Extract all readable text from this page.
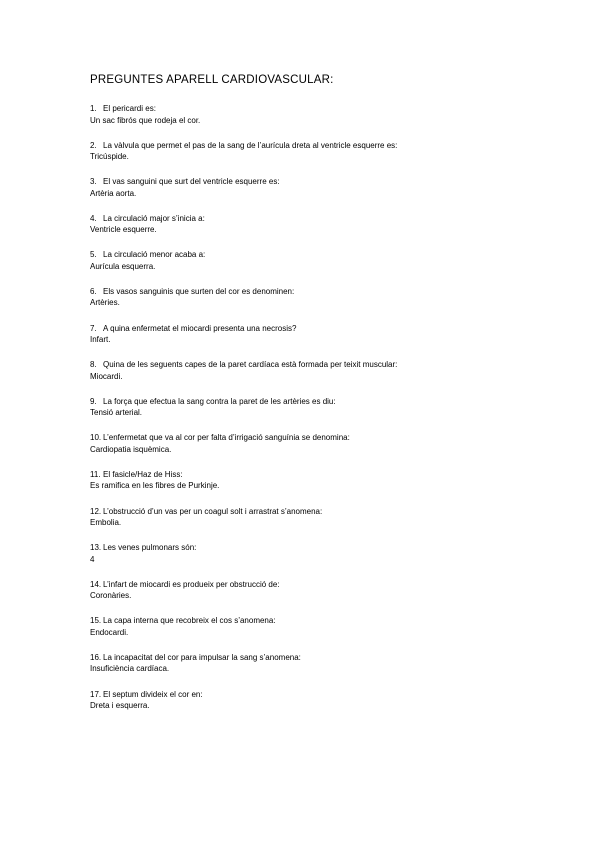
PREGUNTES APARELL CARDIOVASCULAR:
1. El pericardi es:
Un sac fibrós que rodeja el cor.
2. La vàlvula que permet el pas de la sang de l’aurícula dreta al ventricle esquerre es:
Tricúspide.
3. El vas sanguini que surt del ventricle esquerre es:
Artèria aorta.
4. La circulació major s’inicia a:
Ventricle esquerre.
5. La circulació menor acaba a:
Aurícula esquerra.
6. Els vasos sanguinis que surten del cor es denominen:
Artèries.
7. A quina enfermetat el miocardi presenta una necrosis?
Infart.
8. Quina de les seguents capes de la paret cardíaca està formada per teixit muscular:
Miocardi.
9. La força que efectua la sang contra la paret de les artèries es diu:
Tensió arterial.
10. L’enfermetat que va al cor per falta d’irrigació sanguínia se denomina:
Cardiopatia isquèmica.
11. El fasicle/Haz de Hiss:
Es ramifica en les fibres de Purkinje.
12. L’obstrucció d’un vas per un coagul solt i arrastrat s’anomena:
Embolia.
13. Les venes pulmonars són:
4
14. L’infart de miocardi es produeix per obstrucció de:
Coronàries.
15. La capa interna que recobreix el cos s’anomena:
Endocardi.
16. La incapacitat del cor para impulsar la sang s’anomena:
Insuficiència cardíaca.
17. El septum divideix el cor en:
Dreta i esquerra.
